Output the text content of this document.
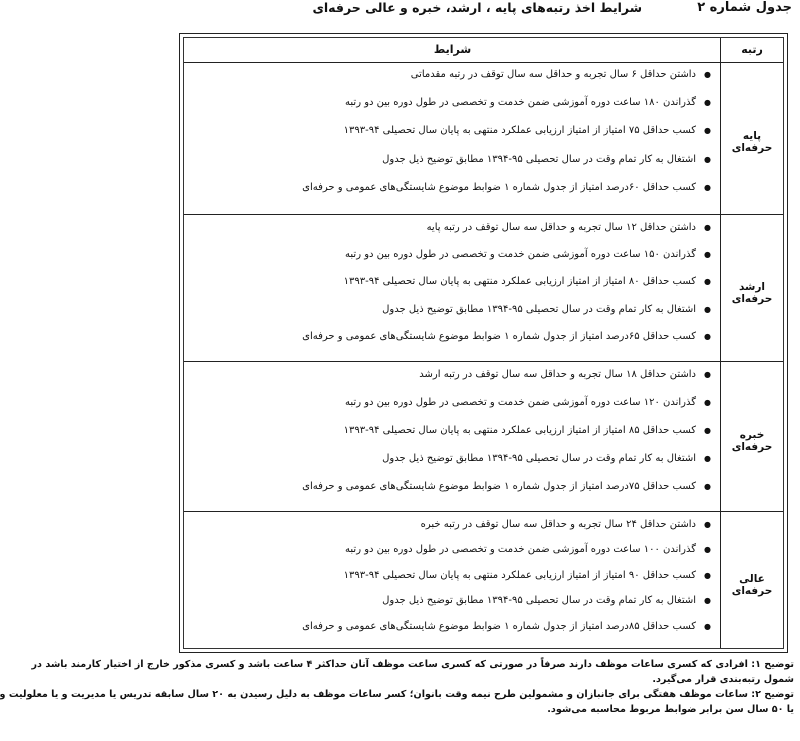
جدول شماره ۲
شرایط اخذ رتبه‌های پایه ، ارشد، خبره و عالی حرفه‌ای
رتبه
شرایط
پایه حرفه‌ای
●
داشتن حداقل ۶ سال تجربه و حداقل سه سال توقف در رتبه مقدماتی
●
گذراندن ۱۸۰ ساعت دوره آموزشی ضمن خدمت و تخصصی در طول دوره بین دو رتبه
●
کسب حداقل ۷۵ امتیاز از امتیاز ارزیابی عملکرد منتهی به پایان سال تحصیلی ۹۴-۱۳۹۳
●
اشتغال به کار تمام وقت در سال تحصیلی ۹۵-۱۳۹۴ مطابق توضیح ذیل جدول
●
کسب حداقل ۶۰درصد امتیاز از جدول شماره ۱ ضوابط موضوع شایستگی‌های عمومی و حرفه‌ای
ارشد حرفه‌ای
●
داشتن حداقل ۱۲ سال تجربه و حداقل سه سال توقف در رتبه پایه
●
گذراندن ۱۵۰ ساعت دوره آموزشی ضمن خدمت و تخصصی در طول دوره بین دو رتبه
●
کسب حداقل ۸۰ امتیاز از امتیاز ارزیابی عملکرد منتهی به پایان سال تحصیلی ۹۴-۱۳۹۳
●
اشتغال به کار تمام وقت در سال تحصیلی ۹۵-۱۳۹۴ مطابق توضیح ذیل جدول
●
کسب حداقل ۶۵درصد امتیاز از جدول شماره ۱ ضوابط موضوع شایستگی‌های عمومی و حرفه‌ای
خبره حرفه‌ای
●
داشتن حداقل ۱۸ سال تجربه و حداقل سه سال توقف در رتبه ارشد
●
گذراندن ۱۲۰ ساعت دوره آموزشی ضمن خدمت و تخصصی در طول دوره بین دو رتبه
●
کسب حداقل ۸۵ امتیاز از امتیاز ارزیابی عملکرد منتهی به پایان سال تحصیلی ۹۴-۱۳۹۳
●
اشتغال به کار تمام وقت در سال تحصیلی ۹۵-۱۳۹۴ مطابق توضیح ذیل جدول
●
کسب حداقل ۷۵درصد امتیاز از جدول شماره ۱ ضوابط موضوع شایستگی‌های عمومی و حرفه‌ای
عالی حرفه‌ای
●
داشتن حداقل ۲۴ سال تجربه و حداقل سه سال توقف در رتبه خبره
●
گذراندن ۱۰۰ ساعت دوره آموزشی ضمن خدمت و تخصصی در طول دوره بین دو رتبه
●
کسب حداقل ۹۰ امتیاز از امتیاز ارزیابی عملکرد منتهی به پایان سال تحصیلی ۹۴-۱۳۹۳
●
اشتغال به کار تمام وقت در سال تحصیلی ۹۵-۱۳۹۴ مطابق توضیح ذیل جدول
●
کسب حداقل ۸۵درصد امتیاز از جدول شماره ۱ ضوابط موضوع شایستگی‌های عمومی و حرفه‌ای
توضیح ۱: افرادی که کسری ساعات موظف دارند صرفاً در صورتی که کسری ساعت موظف آنان حداکثر ۴ ساعت باشد و کسری مذکور خارج از اختیار کارمند باشد در
شمول رتبه‌بندی قرار می‌گیرد.
توضیح ۲: ساعات موظف هفتگی برای جانبازان و مشمولین طرح نیمه وقت بانوان؛ کسر ساعات موظف به دلیل رسیدن به ۲۰ سال سابقه تدریس یا مدیریت و یا معلولیت و
یا ۵۰ سال سن برابر ضوابط مربوط محاسبه می‌شود.
